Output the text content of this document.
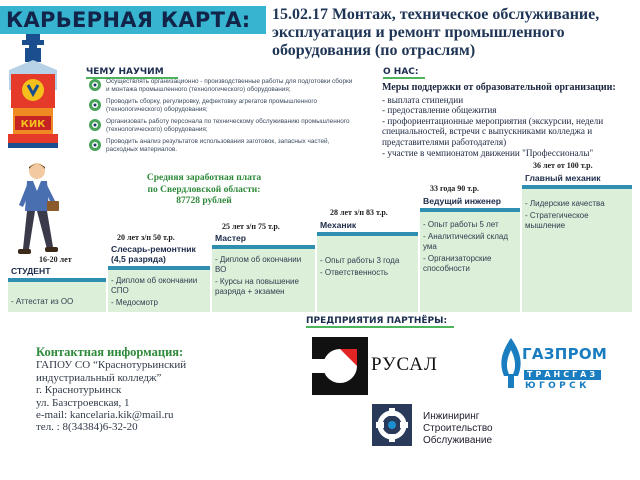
КИК
КАРЬЕРНАЯ КАРТА: 15.02.17 Монтаж, техническое обслуживание, эксплуатация и ремонт промышленного оборудования (по отраслям)
ЧЕМУ НАУЧИМ
Осуществлять организационно - производственные работы для подготовки сборки и монтажа промышленного (технологического) оборудования;
Проводить сборку, регулировку, дефектовку агрегатов промышленного (технологического) оборудования;
Организовать работу персонала по техническому обслуживанию промышленного (технологического) оборудования;
Проводить анализ результатов использования заготовок, запасных частей, расходных материалов.
О НАС:
Меры поддержки от образовательной организации:
- выплата стипендии
- предоставление общежития
- профориентационные мероприятия (экскурсии, недели специальностей, встречи с выпускниками колледжа и представителями работодателя)
- участие в чемпионатом движении "Профессионалы"
Средняя заработная плата
по Свердловской области:
87728 рублей
16-20 лет
СТУДЕНТ
- Аттестат из ОО
20 лет з/п 50 т.р.
Слесарь-ремонтник (4,5 разряда)
- Диплом об окончании СПО
- Медосмотр
25 лет з/п 75 т.р.
Мастер
- Диплом об окончании ВО
- Курсы на повышение разряда + экзамен
28 лет з/п 83 т.р.
Механик
- Опыт работы 3 года
- Ответственность
33 года 90 т.р.
Ведущий инженер
- Опыт работы 5 лет
- Аналитический склад ума
- Организаторские способности
36 лет от 100 т.р.
Главный механик
- Лидерские качества
- Стратегическое мышление
ПРЕДПРИЯТИЯ ПАРТНЁРЫ:
РУСАЛ	ГАЗПРОМ
ТРАНСГАЗ
ЮГОРСК
Инжиниринг
Строительство
Обслуживание
Контактная информация:
ГАПОУ СО “Краснотурьинский
индустриальный колледж”
г. Краснотурьинск
ул. Базстроевская, 1
e-mail: kancelaria.kik@mail.ru
тел. : 8(34384)6-32-20
